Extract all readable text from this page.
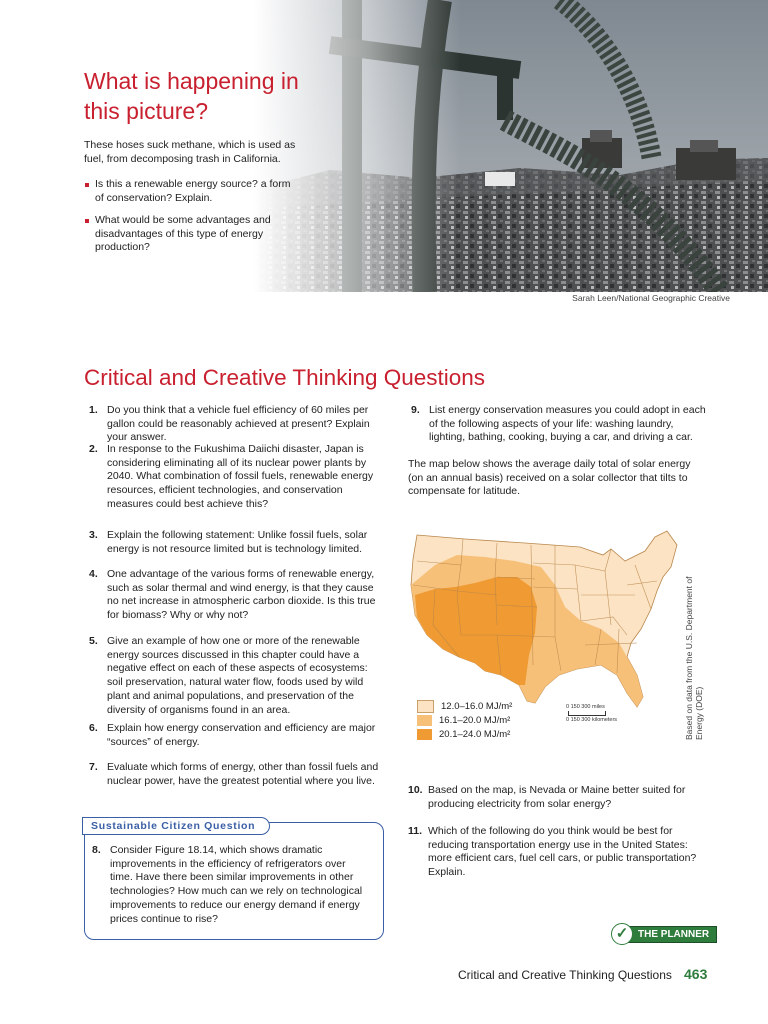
Sarah Leen/National Geographic Creative
What is happening in this picture?

These hoses suck methane, which is used as fuel, from decomposing trash in California.

Is this a renewable energy source? a form of conservation? Explain.
What would be some advantages and disadvantages of this type of energy production?
Critical and Creative Thinking Questions
1. Do you think that a vehicle fuel efficiency of 60 miles per gallon could be reasonably achieved at present? Explain your answer.
2. In response to the Fukushima Daiichi disaster, Japan is considering eliminating all of its nuclear power plants by 2040. What combination of fossil fuels, renewable energy resources, efficient technologies, and conservation measures could best achieve this?
3. Explain the following statement: Unlike fossil fuels, solar energy is not resource limited but is technology limited.
4. One advantage of the various forms of renewable energy, such as solar thermal and wind energy, is that they cause no net increase in atmospheric carbon dioxide. Is this true for biomass? Why or why not?
5. Give an example of how one or more of the renewable energy sources discussed in this chapter could have a negative effect on each of these aspects of ecosystems: soil preservation, natural water flow, foods used by wild plant and animal populations, and preservation of the diversity of organisms found in an area.
6. Explain how energy conservation and efficiency are major “sources” of energy.
7. Evaluate which forms of energy, other than fossil fuels and nuclear power, have the greatest potential where you live.
9. List energy conservation measures you could adopt in each of the following aspects of your life: washing laundry, lighting, bathing, cooking, buying a car, and driving a car.

The map below shows the average daily total of solar energy (on an annual basis) received on a solar collector that tilts to compensate for latitude.

12.0–16.0 MJ/m²
16.1–20.0 MJ/m²
20.1–24.0 MJ/m²
0 150 300 miles
0 150 300 kilometers	Based on data from the U.S. Department of Energy (DOE)
10. Based on the map, is Nevada or Maine better suited for producing electricity from solar energy?
11. Which of the following do you think would be best for reducing transportation energy use in the United States: more efficient cars, fuel cell cars, or public transportation? Explain.
Sustainable Citizen Question
8. Consider Figure 18.14, which shows dramatic improvements in the efficiency of refrigerators over time. Have there been similar improvements in other technologies? How much can we rely on technological improvements to reduce our energy demand if energy prices continue to rise?
✓ THE PLANNER
Critical and Creative Thinking Questions 463
